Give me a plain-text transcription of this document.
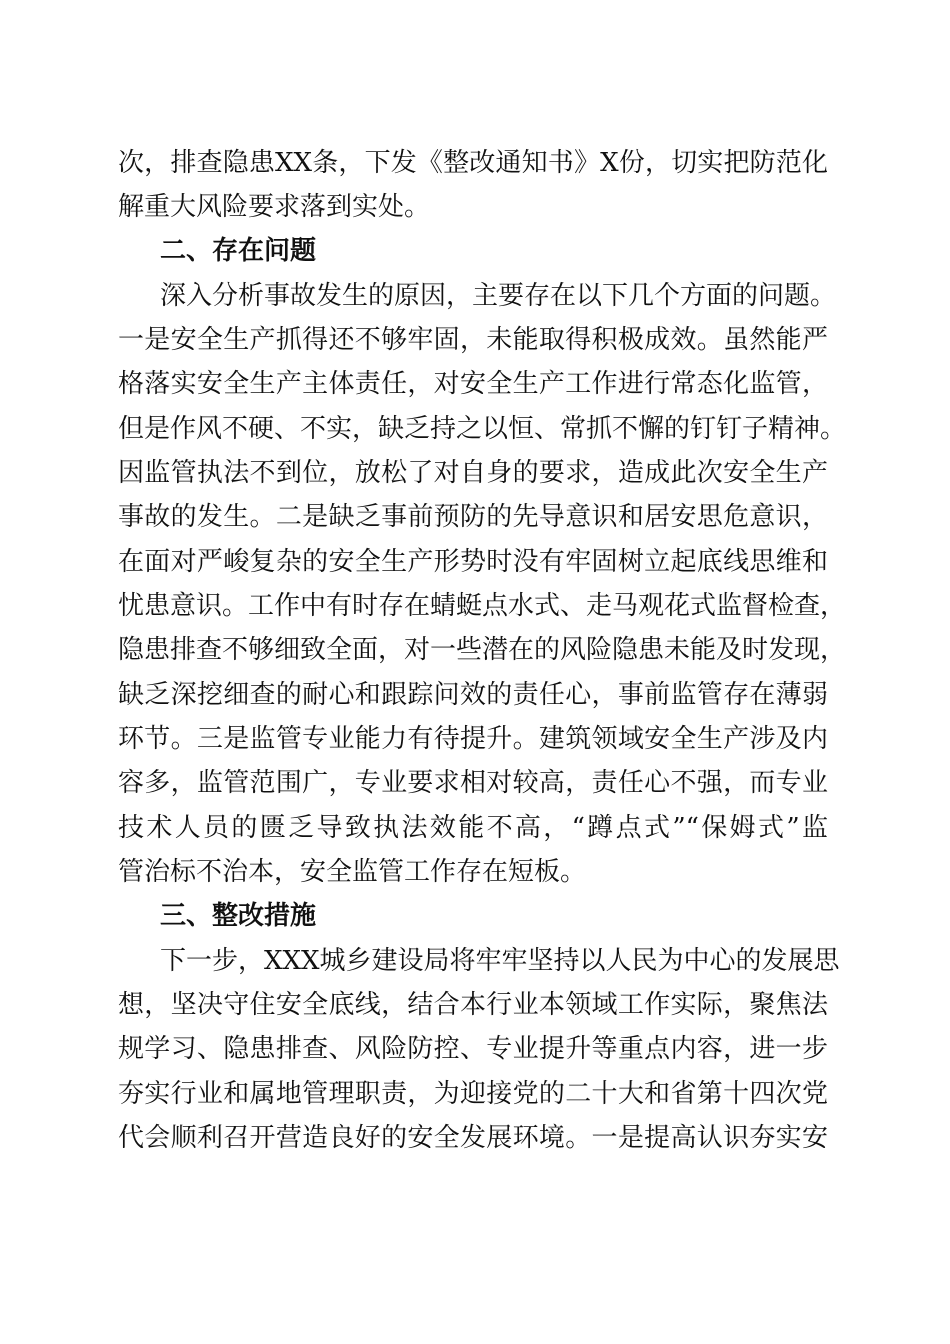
次，排查隐患XX条，下发《整改通知书》X份，切实把防范化
解重大风险要求落到实处。
二、存在问题
深入分析事故发生的原因，主要存在以下几个方面的问题。
一是安全生产抓得还不够牢固，未能取得积极成效。虽然能严
格落实安全生产主体责任，对安全生产工作进行常态化监管，
但是作风不硬、不实，缺乏持之以恒、常抓不懈的钉钉子精神。
因监管执法不到位，放松了对自身的要求，造成此次安全生产
事故的发生。二是缺乏事前预防的先导意识和居安思危意识，
在面对严峻复杂的安全生产形势时没有牢固树立起底线思维和
忧患意识。工作中有时存在蜻蜓点水式、走马观花式监督检查，
隐患排查不够细致全面，对一些潜在的风险隐患未能及时发现，
缺乏深挖细查的耐心和跟踪问效的责任心，事前监管存在薄弱
环节。三是监管专业能力有待提升。建筑领域安全生产涉及内
容多，监管范围广，专业要求相对较高，责任心不强，而专业
技术人员的匮乏导致执法效能不高，“蹲点式”“保姆式”监
管治标不治本，安全监管工作存在短板。
三、整改措施
下一步，XXX城乡建设局将牢牢坚持以人民为中心的发展思
想，坚决守住安全底线，结合本行业本领域工作实际，聚焦法
规学习、隐患排查、风险防控、专业提升等重点内容，进一步
夯实行业和属地管理职责，为迎接党的二十大和省第十四次党
代会顺利召开营造良好的安全发展环境。一是提高认识夯实安
